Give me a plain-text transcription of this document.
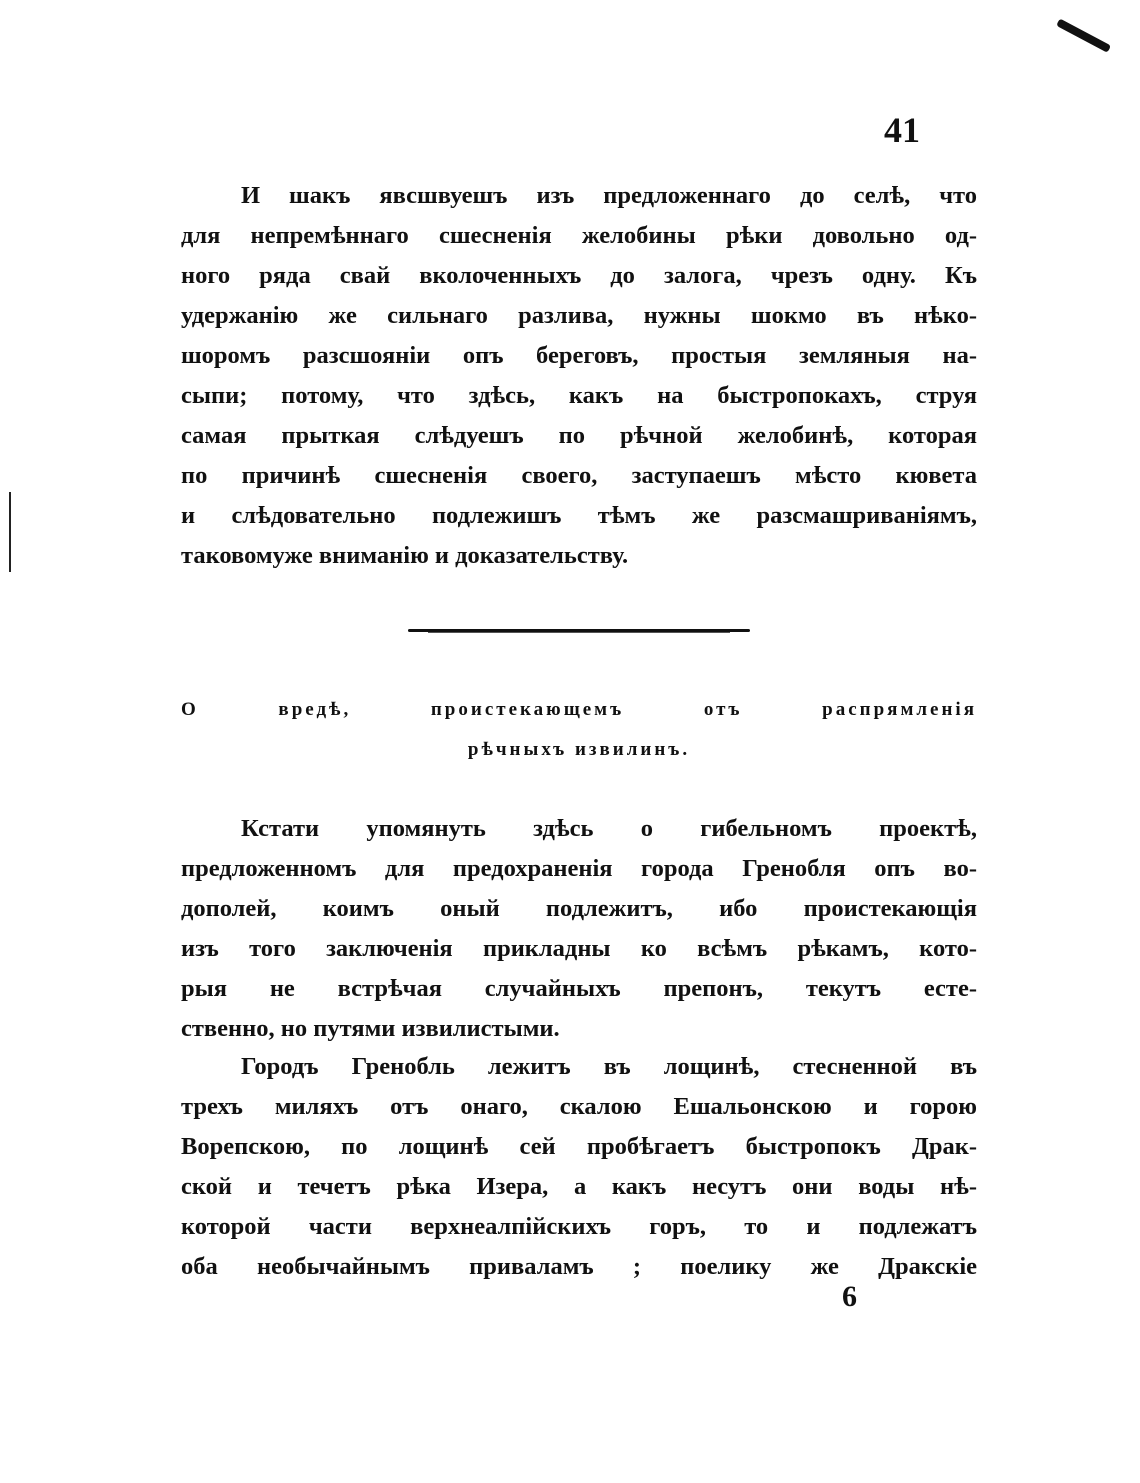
41
И шакъ явсшвуешъ изъ предложеннаго до селѣ, что
для непремѣннаго сшесненія желобины рѣки довольно од-
ного ряда свай вколоченныхъ до залога, чрезъ одну. Къ
удержанію же сильнаго разлива, нужны шокмо въ нѣко-
шоромъ разсшояніи опъ береговъ, простыя земляныя на-
сыпи; потому, что здѣсь, какъ на быстропокахъ, струя
самая прыткая слѣдуешъ по рѣчной желобинѣ, которая
по причинѣ сшесненія своего, заступаешъ мѣсто кювета
и слѣдовательно подлежишъ тѣмъ же разсмашриваніямъ,
таковомуже вниманію и доказательству.
О вредѣ, проистекающемъ отъ распрямленія
рѣчныхъ извилинъ.
Кстати упомянуть здѣсь о гибельномъ проектѣ,
предложенномъ для предохраненія города Гренобля опъ во-
дополей, коимъ оный подлежитъ, ибо проистекающія
изъ того заключенія прикладны ко всѣмъ рѣкамъ, кото-
рыя не встрѣчая случайныхъ препонъ, текутъ есте-
ственно, но путями извилистыми.
Городъ Гренобль лежитъ въ лощинѣ, стесненной въ
трехъ миляхъ отъ онаго, скалою Ешальонскою и горою
Ворепскою, по лощинѣ сей пробѣгаетъ быстропокъ Драк-
ской и течетъ рѣка Изера, а какъ несутъ они воды нѣ-
которой части верхнеалпійскихъ горъ, то и подлежатъ
оба необычайнымъ приваламъ ; поелику же Дракскіе
6
